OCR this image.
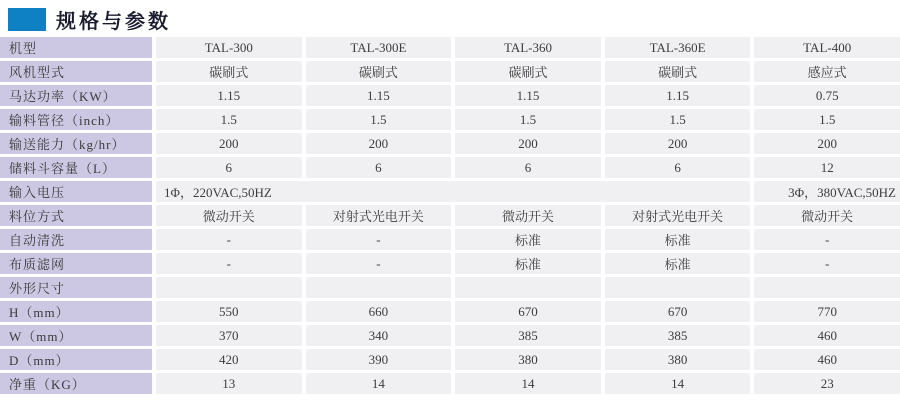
规格与参数
机型	TAL-300	TAL-300E	TAL-360	TAL-360E	TAL-400
风机型式	碳刷式	碳刷式	碳刷式	碳刷式	感应式
马达功率（KW）	1.15	1.15	1.15	1.15	0.75
输料管径（inch）	1.5	1.5	1.5	1.5	1.5
输送能力（kg/hr）	200	200	200	200	200
储料斗容量（L）	6	6	6	6	12
输入电压	1Φ，220VAC,50HZ				3Φ，380VAC,50HZ
料位方式	微动开关	对射式光电开关	微动开关	对射式光电开关	微动开关
自动清洗	-	-	标准	标准	-
布质滤网	-	-	标准	标准	-
外形尺寸					
H（mm）	550	660	670	670	770
W（mm）	370	340	385	385	460
D（mm）	420	390	380	380	460
净重（KG）	13	14	14	14	23
